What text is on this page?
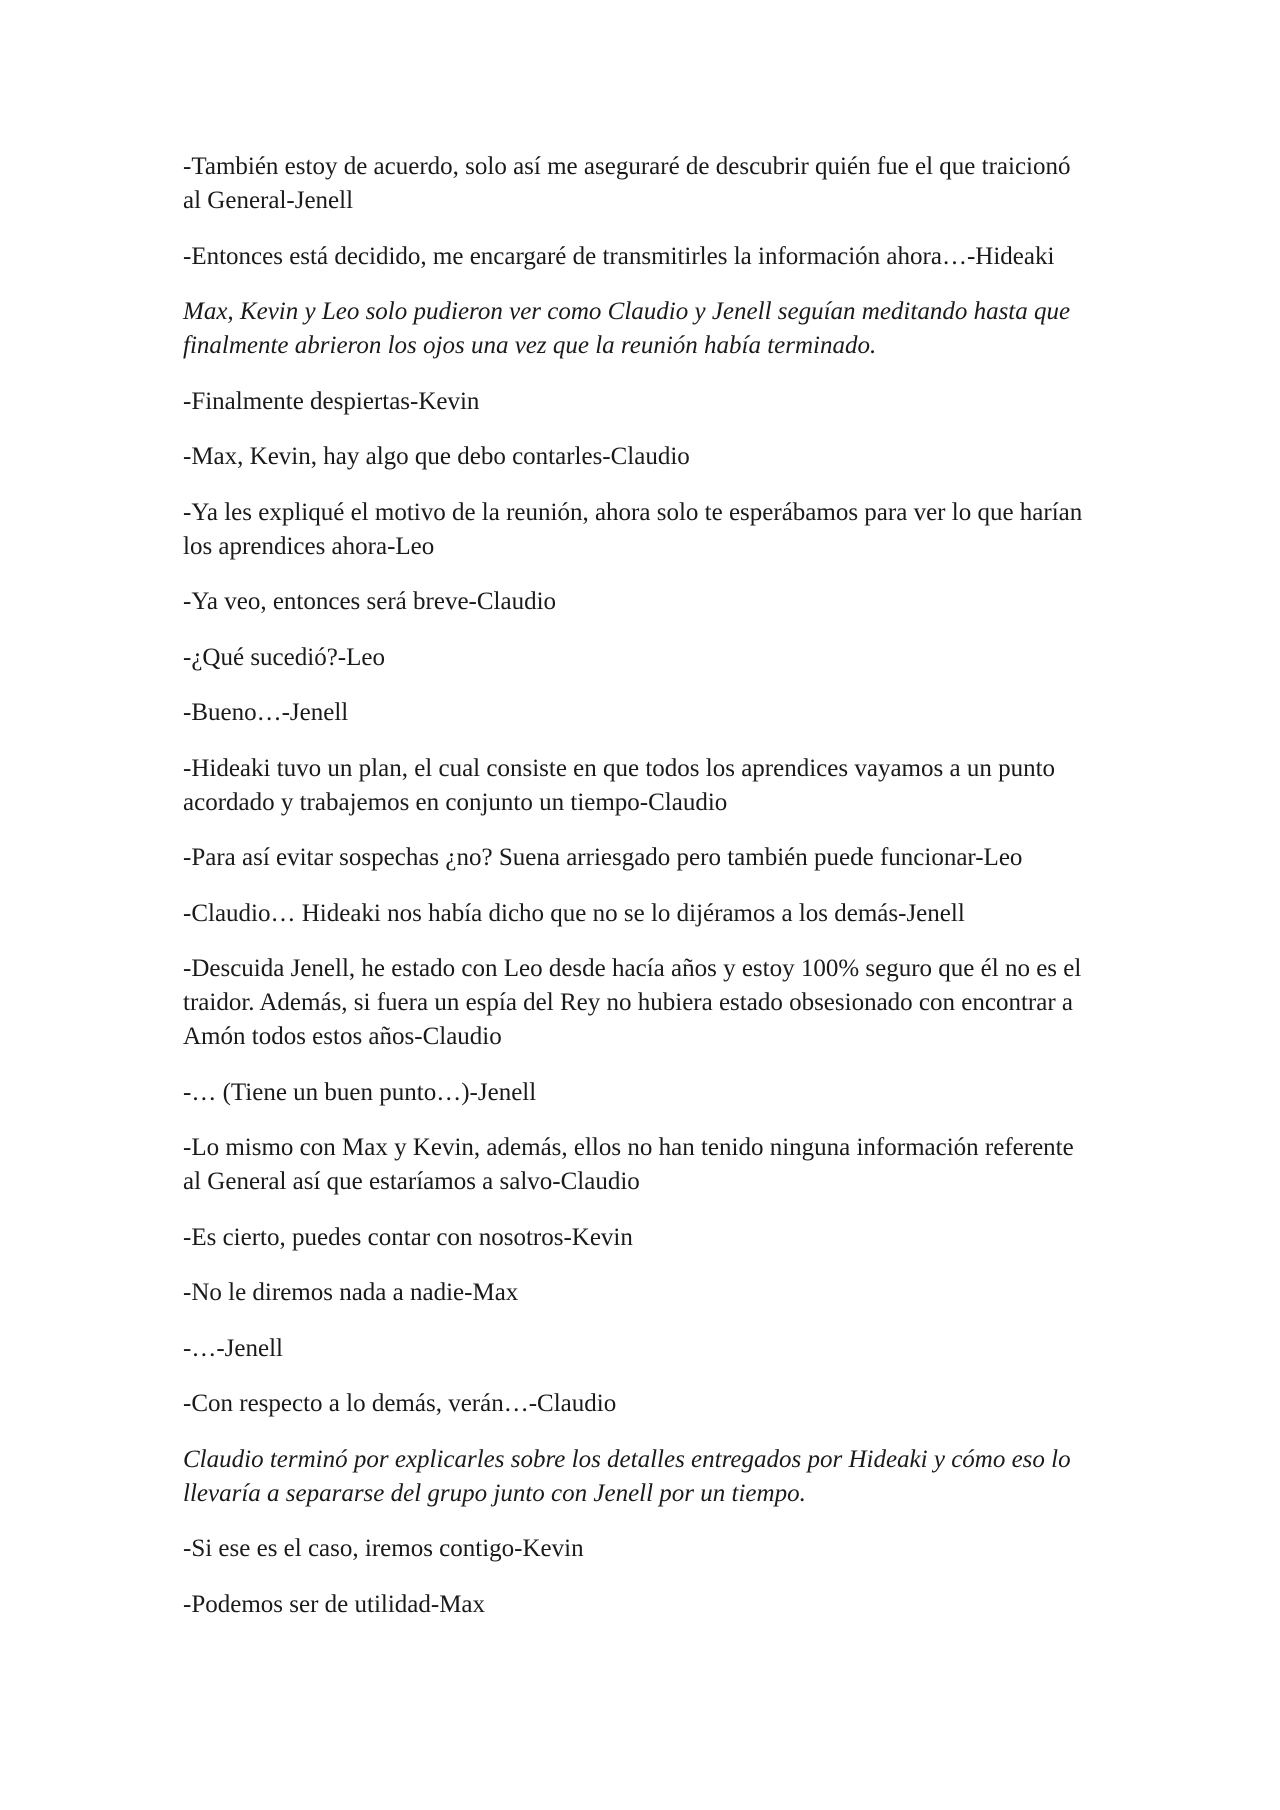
-También estoy de acuerdo, solo así me aseguraré de descubrir quién fue el que traicionó al General-Jenell

-Entonces está decidido, me encargaré de transmitirles la información ahora…-Hideaki

Max, Kevin y Leo solo pudieron ver como Claudio y Jenell seguían meditando hasta que finalmente abrieron los ojos una vez que la reunión había terminado.

-Finalmente despiertas-Kevin

-Max, Kevin, hay algo que debo contarles-Claudio

-Ya les expliqué el motivo de la reunión, ahora solo te esperábamos para ver lo que harían los aprendices ahora-Leo

-Ya veo, entonces será breve-Claudio

-¿Qué sucedió?-Leo

-Bueno…-Jenell

-Hideaki tuvo un plan, el cual consiste en que todos los aprendices vayamos a un punto acordado y trabajemos en conjunto un tiempo-Claudio

-Para así evitar sospechas ¿no? Suena arriesgado pero también puede funcionar-Leo

-Claudio… Hideaki nos había dicho que no se lo dijéramos a los demás-Jenell

-Descuida Jenell, he estado con Leo desde hacía años y estoy 100% seguro que él no es el traidor. Además, si fuera un espía del Rey no hubiera estado obsesionado con encontrar a Amón todos estos años-Claudio

-… (Tiene un buen punto…)-Jenell

-Lo mismo con Max y Kevin, además, ellos no han tenido ninguna información referente al General así que estaríamos a salvo-Claudio

-Es cierto, puedes contar con nosotros-Kevin

-No le diremos nada a nadie-Max

-…-Jenell

-Con respecto a lo demás, verán…-Claudio

Claudio terminó por explicarles sobre los detalles entregados por Hideaki y cómo eso lo llevaría a separarse del grupo junto con Jenell por un tiempo.

-Si ese es el caso, iremos contigo-Kevin

-Podemos ser de utilidad-Max
